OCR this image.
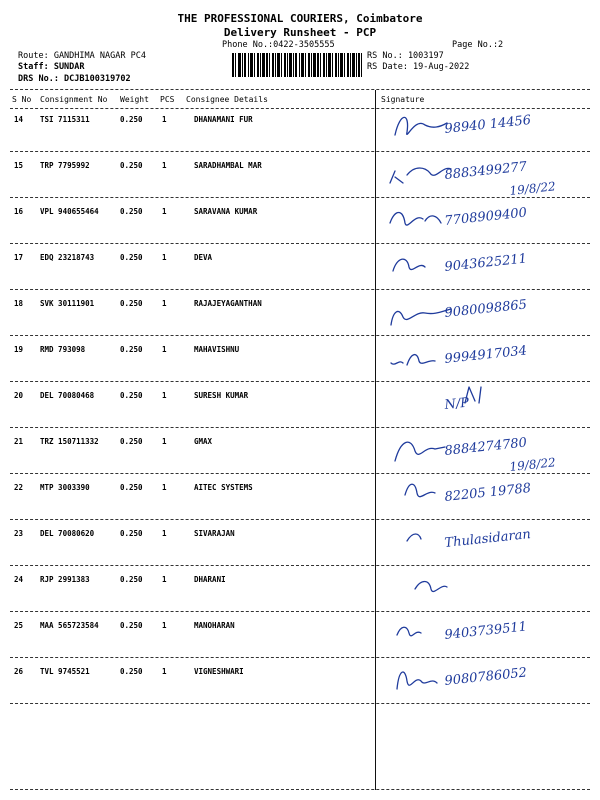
THE PROFESSIONAL COURIERS, Coimbatore
Delivery Runsheet - PCP
Phone No.:0422-3505555	Page No.:2
Route: GANDHIMA NAGAR PC4
Staff: SUNDAR
DRS No.: DCJB100319702
RS No.: 1003197
RS Date: 19-Aug-2022
S No Consignment No Weight PCS Consignee Details	Signature
14 TSI 7115311	0.250	1	DHANAMANI FUR	98940 14456
15 TRP 7795992	0.250	1	SARADHAMBAL MAR	8883499277
19/8/22
16 VPL 940655464	0.250	1	SARAVANA KUMAR	7708909400
17 EDQ 23218743	0.250	1	DEVA	9043625211
18 SVK 30111901	0.250	1	RAJAJEYAGANTHAN	9080098865
19 RMD 793098	0.250	1	MAHAVISHNU	9994917034
20 DEL 70080468	0.250	1	SURESH KUMAR	N/P
21 TRZ 150711332	0.250	1	GMAX	8884274780
19/8/22
22 MTP 3003390	0.250	1	AITEC SYSTEMS	82205 19788
23 DEL 70080620	0.250	1	SIVARAJAN	Thulasidaran
24 RJP 2991383	0.250	1	DHARANI
25 MAA 565723584	0.250	1	MANOHARAN	9403739511
26 TVL 9745521	0.250	1	VIGNESHWARI	9080786052
